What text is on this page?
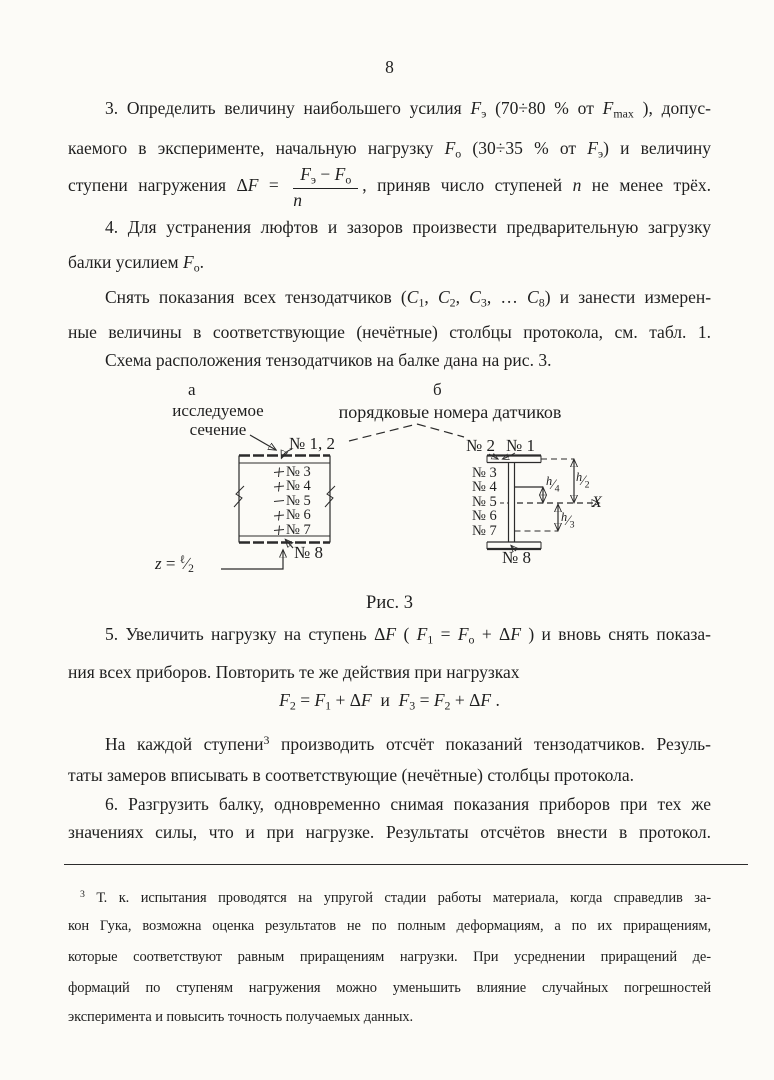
8
3. Определить величину наибольшего усилия Fэ (70÷80 % от Fmax ), допус-
каемого в эксперименте, начальную нагрузку Fо (30÷35 % от Fэ) и величину
ступени нагружения $\Delta F = \frac{Fэ - Fо}{n}$ , приняв число ступеней n не менее трёх.
4. Для устранения люфтов и зазоров произвести предварительную загрузку
балки усилием Fо.
Снять показания всех тензодатчиков (C1, C2, C3, … C8) и занести измерен-
ные величины в соответствующие (нечётные) столбцы протокола, см. табл. 1.
Схема расположения тензодатчиков на балке дана на рис. 3.
а	б
исследуемое
сечение
порядковые номера датчиков
№ 1, 2
№ 3
№ 4
№ 5
№ 6
№ 7
№ 8
z = $^\ell$∕2
№ 2 № 1
№ 3
№ 4
№ 5
№ 6
№ 7
№ 8
$^h$∕4
$^h$∕2
$^h$∕3
X
Рис. 3
5. Увеличить нагрузку на ступень ΔF ( F1 = Fо + ΔF ) и вновь снять показа-
ния всех приборов. Повторить те же действия при нагрузках
F2 = F1 + ΔF  и  F3 = F2 + ΔF .
На каждой ступени$^3$ производить отсчёт показаний тензодатчиков. Резуль-
таты замеров вписывать в соответствующие (нечётные) столбцы протокола.
6. Разгрузить балку, одновременно снимая показания приборов при тех же
значениях силы, что и при нагрузке. Результаты отсчётов внести в протокол.
$^3$ Т. к. испытания проводятся на упругой стадии работы материала, когда справедлив за-
кон Гука, возможна оценка результатов не по полным деформациям, а по их приращениям,
которые соответствуют равным приращениям нагрузки. При усреднении приращений де-
формаций по ступеням нагружения можно уменьшить влияние случайных погрешностей
эксперимента и повысить точность получаемых данных.
